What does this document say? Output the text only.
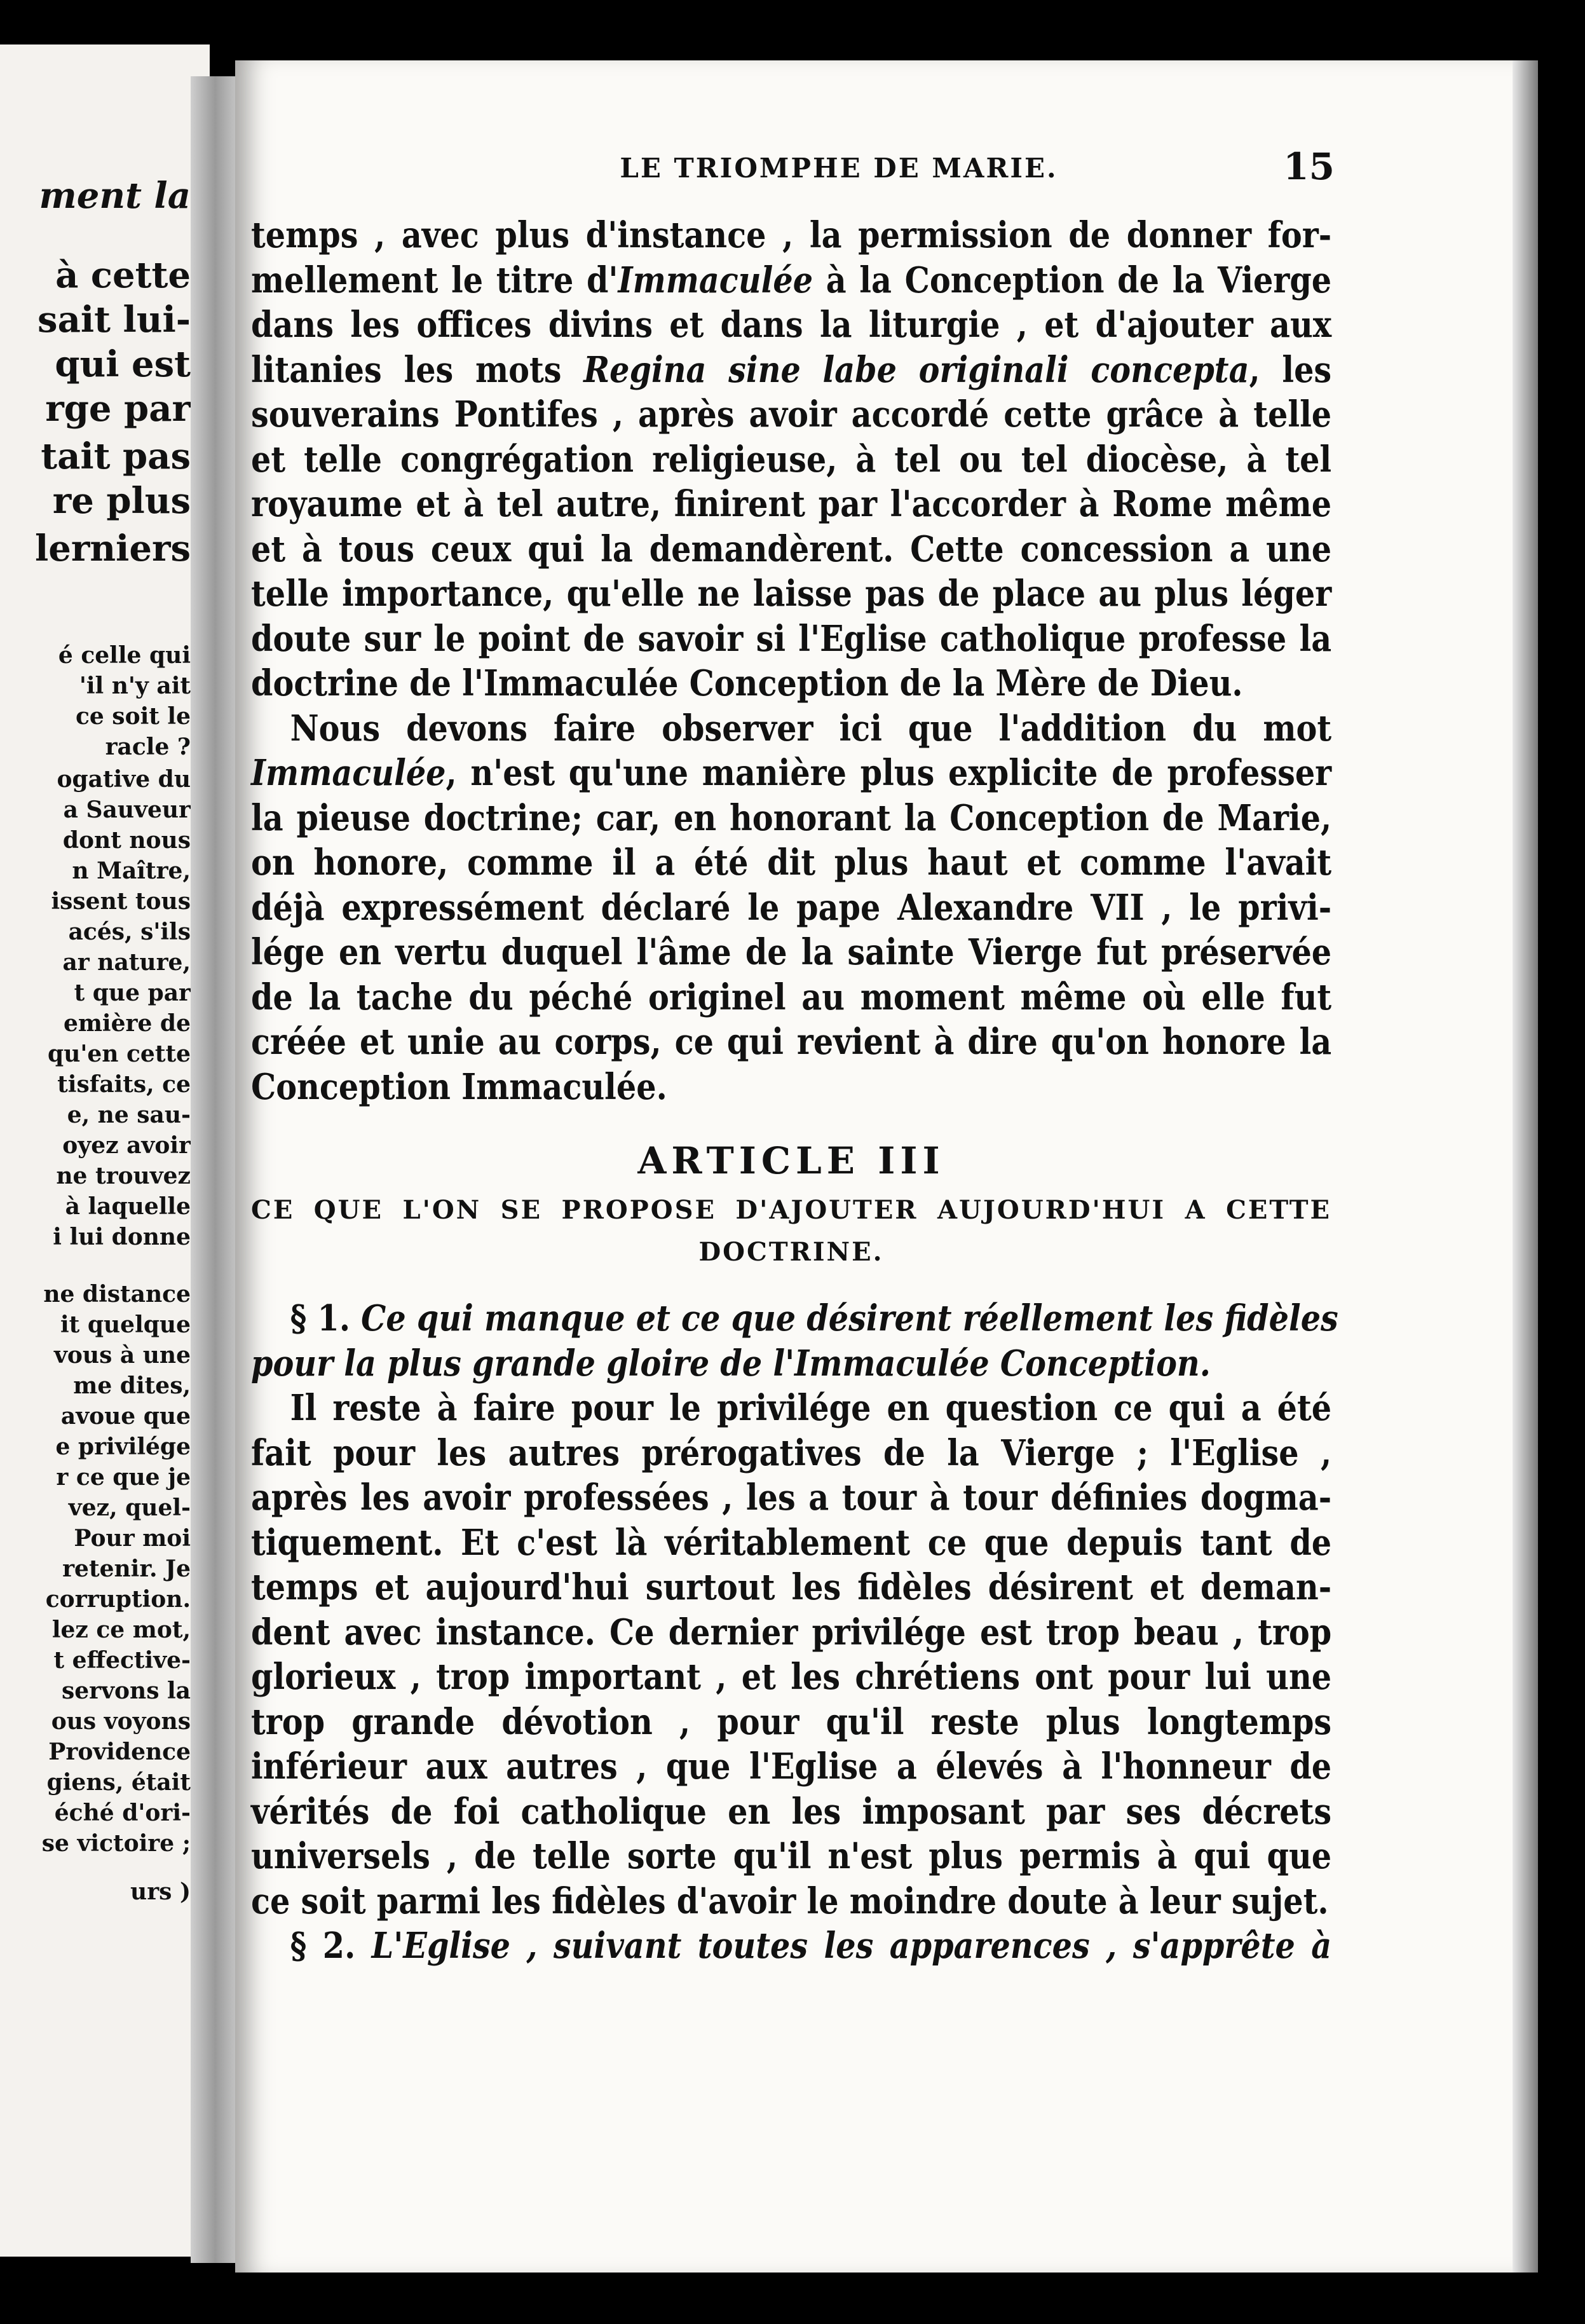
ment la
à cette
sait lui-
qui est
rge par
tait pas
re plus
lerniers
é celle qui
'il n'y ait
ce soit le
racle ?
ogative du
a Sauveur
dont nous
n Maître,
issent tous
acés, s'ils
ar nature,
t que par
emière de
qu'en cette
tisfaits, ce
e, ne sau-
oyez avoir
ne trouvez
à laquelle
i lui donne
ne distance
it quelque
vous à une
me dites,
avoue que
e privilége
r ce que je
vez, quel-
Pour moi
retenir. Je
corruption.
lez ce mot,
t effective-
servons la
ous voyons
Providence
giens, était
éché d'ori-
se victoire ;
urs )
LE TRIOMPHE DE MARIE.	15
temps , avec plus d'instance , la permission de donner for-
mellement le titre d'Immaculée à la Conception de la Vierge
dans les offices divins et dans la liturgie , et d'ajouter aux
litanies les mots Regina sine labe originali concepta, les
souverains Pontifes , après avoir accordé cette grâce à telle
et telle congrégation religieuse, à tel ou tel diocèse, à tel
royaume et à tel autre, finirent par l'accorder à Rome même
et à tous ceux qui la demandèrent. Cette concession a une
telle importance, qu'elle ne laisse pas de place au plus léger
doute sur le point de savoir si l'Eglise catholique professe la
doctrine de l'Immaculée Conception de la Mère de Dieu.
Nous devons faire observer ici que l'addition du mot
Immaculée, n'est qu'une manière plus explicite de professer
la pieuse doctrine; car, en honorant la Conception de Marie,
on honore, comme il a été dit plus haut et comme l'avait
déjà expressément déclaré le pape Alexandre VII , le privi-
lége en vertu duquel l'âme de la sainte Vierge fut préservée
de la tache du péché originel au moment même où elle fut
créée et unie au corps, ce qui revient à dire qu'on honore la
Conception Immaculée.
ARTICLE III
CE QUE L'ON SE PROPOSE D'AJOUTER AUJOURD'HUI A CETTE
DOCTRINE.
§ 1. Ce qui manque et ce que désirent réellement les fidèles
pour la plus grande gloire de l'Immaculée Conception.
Il reste à faire pour le privilége en question ce qui a été
fait pour les autres prérogatives de la Vierge ; l'Eglise ,
après les avoir professées , les a tour à tour définies dogma-
tiquement. Et c'est là véritablement ce que depuis tant de
temps et aujourd'hui surtout les fidèles désirent et deman-
dent avec instance. Ce dernier privilége est trop beau , trop
glorieux , trop important , et les chrétiens ont pour lui une
trop grande dévotion , pour qu'il reste plus longtemps
inférieur aux autres , que l'Eglise a élevés à l'honneur de
vérités de foi catholique en les imposant par ses décrets
universels , de telle sorte qu'il n'est plus permis à qui que
ce soit parmi les fidèles d'avoir le moindre doute à leur sujet.
§ 2. L'Eglise , suivant toutes les apparences , s'apprête à
